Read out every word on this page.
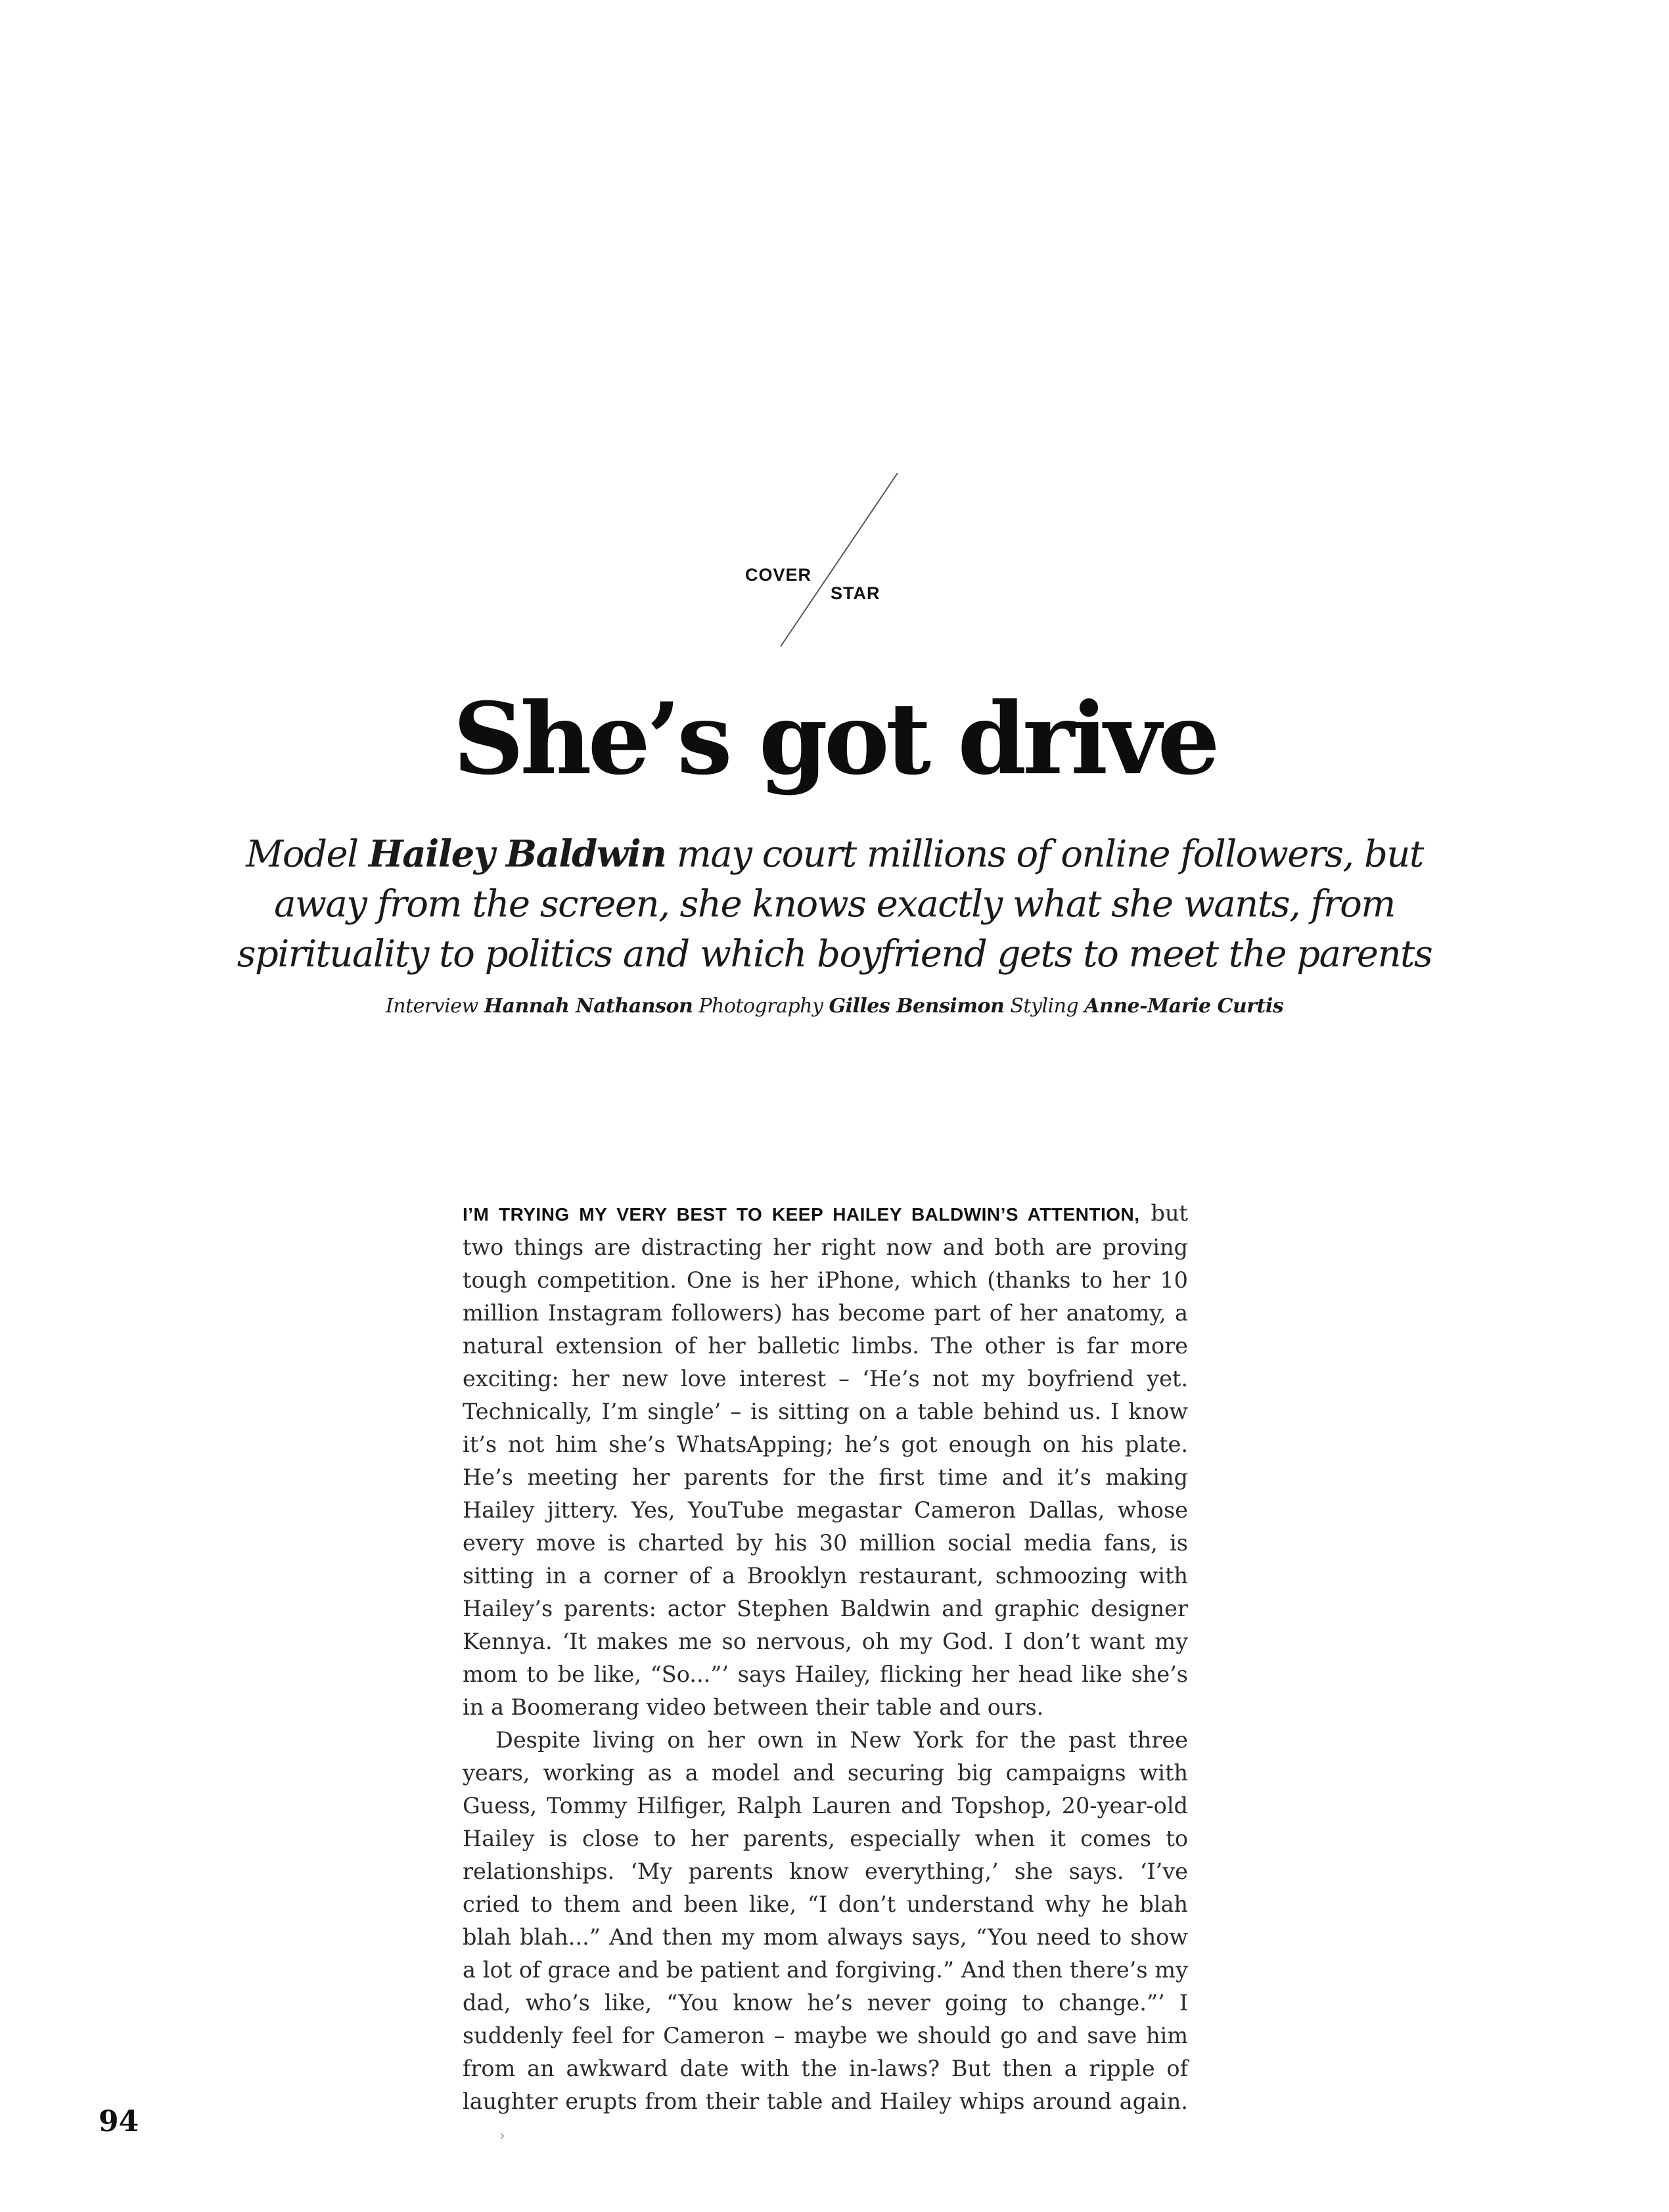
COVER
STAR
She’s got drive
Model Hailey Baldwin may court millions of online followers, but away from the screen, she knows exactly what she wants, from spirituality to politics and which boyfriend gets to meet the parents
Interview Hannah Nathanson Photography Gilles Bensimon Styling Anne-Marie Curtis

I’M TRYING MY VERY BEST TO KEEP HAILEY BALDWIN’S ATTENTION, but two things are distracting her right now and both are proving tough competition. One is her iPhone, which (thanks to her 10 million Instagram followers) has become part of her anatomy, a natural extension of her balletic limbs. The other is far more exciting: her new love interest – ‘He’s not my boyfriend yet. Technically, I’m single’ – is sitting on a table behind us. I know it’s not him she’s WhatsApping; he’s got enough on his plate. He’s meeting her parents for the first time and it’s making Hailey jittery. Yes, YouTube megastar Cameron Dallas, whose every move is charted by his 30 million social media fans, is sitting in a corner of a Brooklyn restaurant, schmoozing with Hailey’s parents: actor Stephen Baldwin and graphic designer Kennya. ‘It makes me so nervous, oh my God. I don’t want my mom to be like, “So...”’ says Hailey, flicking her head like she’s in a Boomerang video between their table and ours.

Despite living on her own in New York for the past three years, working as a model and securing big campaigns with Guess, Tommy Hilfiger, Ralph Lauren and Topshop, 20-year-old Hailey is close to her parents, especially when it comes to relationships. ‘My parents know everything,’ she says. ‘I’ve cried to them and been like, “I don’t understand why he blah blah blah...” And then my mom always says, “You need to show a lot of grace and be patient and forgiving.” And then there’s my dad, who’s like, “You know he’s never going to change.”’ I suddenly feel for Cameron – maybe we should go and save him from an awkward date with the in-laws? But then a ripple of laughter erupts from their table and Hailey whips around again.›

94
